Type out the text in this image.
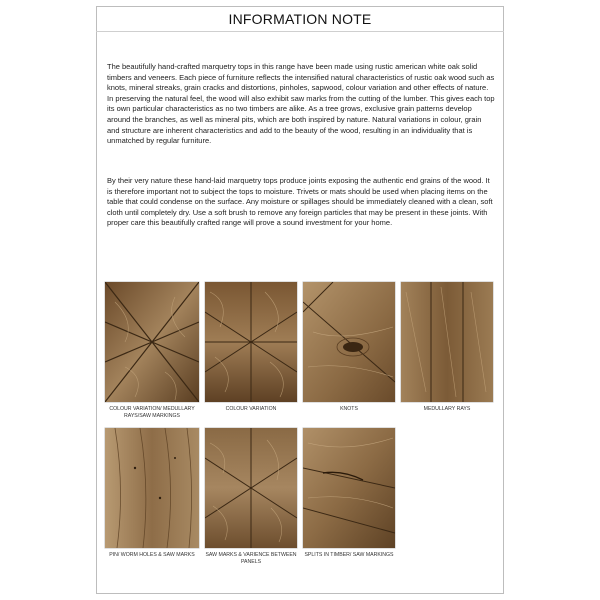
INFORMATION NOTE

The beautifully hand-crafted marquetry tops in this range have been made using rustic american white oak solid timbers and veneers. Each piece of furniture reflects the intensified natural characteristics of rustic oak wood such as knots, mineral streaks, grain cracks and distortions, pinholes, sapwood, colour variation and other effects of nature. In preserving the natural feel, the wood will also exhibit saw marks from the cutting of the lumber. This gives each top its own particular characteristics as no two timbers are alike. As a tree grows, exclusive grain patterns develop around the branches, as well as mineral pits, which are both inspired by nature. Natural variations in colour, grain and structure are inherent characteristics and add to the beauty of the wood, resulting in an individuality that is unmatched by regular furniture.

By their very nature these hand-laid marquetry tops produce joints exposing the authentic end grains of the wood. It is therefore important not to subject the tops to moisture. Trivets or mats should be used when placing items on the table that could condense on the surface. Any moisture or spillages should be immediately cleaned with a clean, soft cloth until completely dry. Use a soft brush to remove any foreign particles that may be present in these joints. With proper care this beautifully crafted range will prove a sound investment for your home.

COLOUR VARIATION/ MEDULLARY RAYS/SAW MARKINGS

COLOUR VARIATION	KNOTS	MEDULLARY RAYS

PIN/ WORM HOLES & SAW MARKS	SAW MARKS & VARIENCE BETWEEN PANELS

SPLITS IN TIMBER/ SAW MARKINGS
